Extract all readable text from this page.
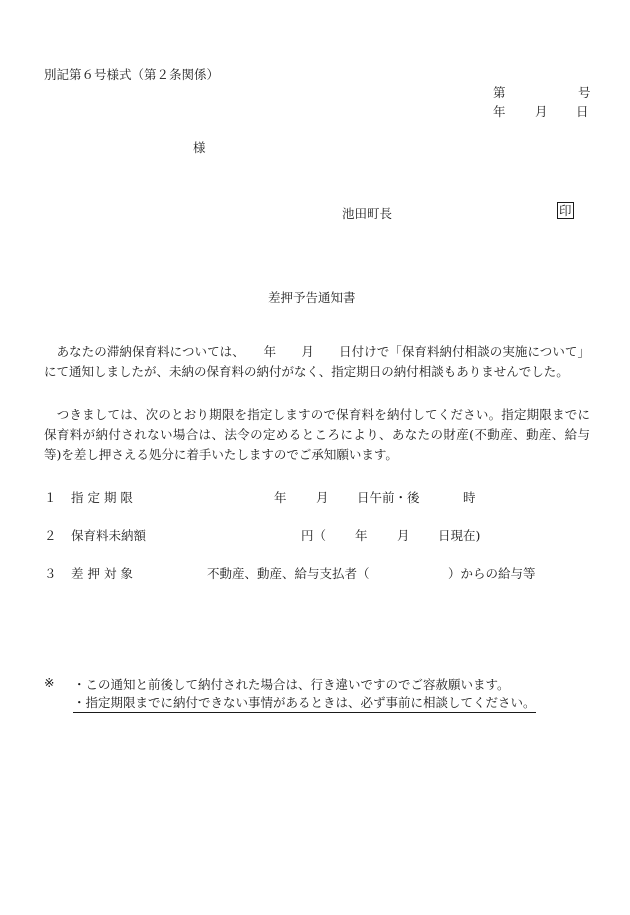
別記第６号様式（第２条関係）
第	号
年 月 日
様
池田町長	印
差押予告通知書
　あなたの滞納保育料については、　　年　　月　　日付けで「保育料納付相談の実施について」にて通知しましたが、未納の保育料の納付がなく、指定期日の納付相談もありませんでした。
　つきましては、次のとおり期限を指定しますので保育料を納付してください。指定期限までに保育料が納付されない場合は、法令の定めるところにより、あなたの財産(不動産、動産、給与等)を差し押さえる処分に着手いたしますのでご承知願います。
１ 指 定 期 限	年 月 日午前・後	時
２ 保育料未納額	円（ 年 月 日現在)
３ 差 押 対 象	不動産、動産、給与支払者（	）からの給与等
※ ・この通知と前後して納付された場合は、行き違いですのでご容赦願います。
・指定期限までに納付できない事情があるときは、必ず事前に相談してください。
